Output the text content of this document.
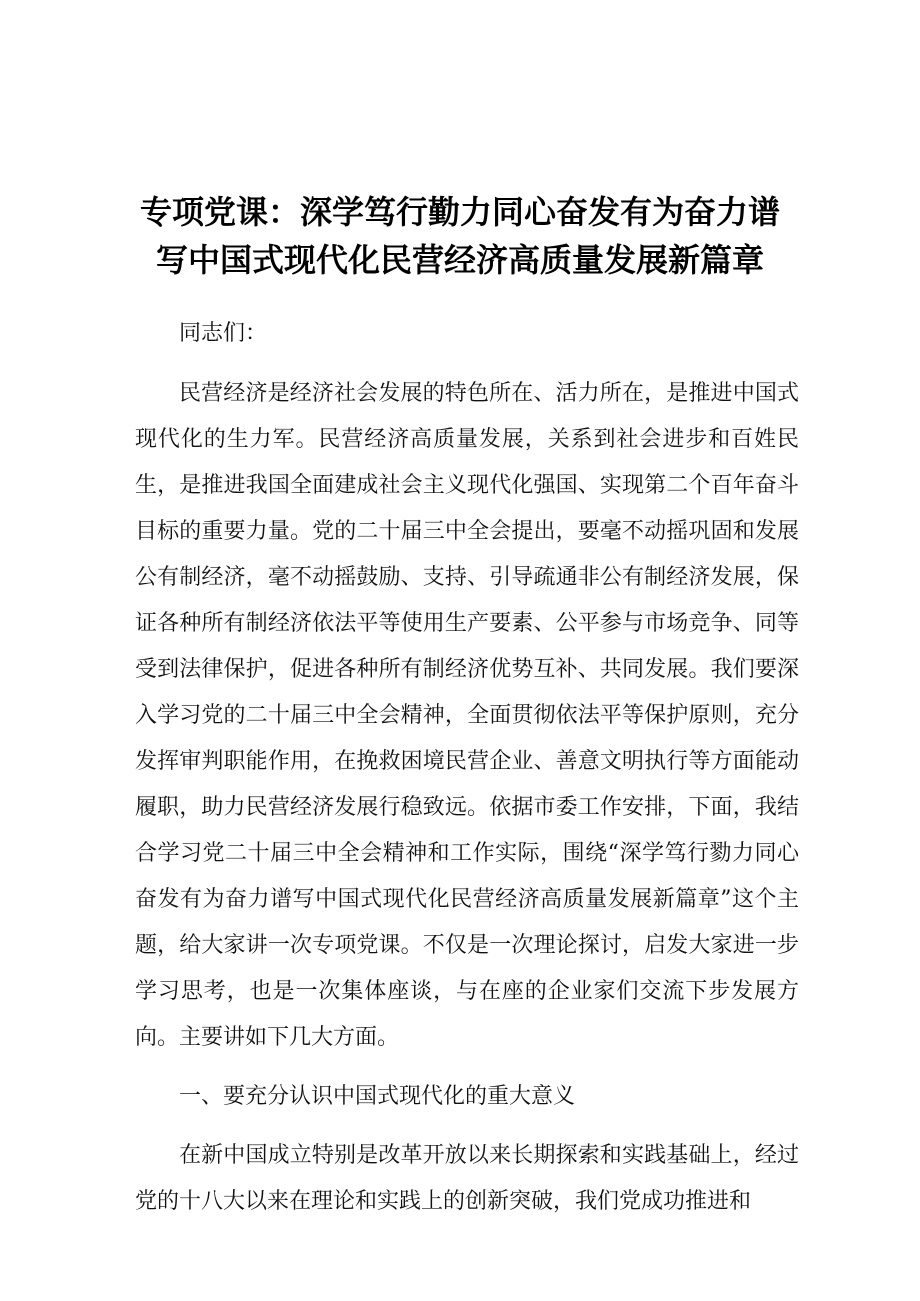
专项党课：深学笃行勤力同心奋发有为奋力谱
写中国式现代化民营经济高质量发展新篇章

同志们：

民营经济是经济社会发展的特色所在、活力所在，是推进中国式现代化的生力军。民营经济高质量发展，关系到社会进步和百姓民生，是推进我国全面建成社会主义现代化强国、实现第二个百年奋斗目标的重要力量。党的二十届三中全会提出，要毫不动摇巩固和发展公有制经济，毫不动摇鼓励、支持、引导疏通非公有制经济发展，保证各种所有制经济依法平等使用生产要素、公平参与市场竞争、同等受到法律保护，促进各种所有制经济优势互补、共同发展。我们要深入学习党的二十届三中全会精神，全面贯彻依法平等保护原则，充分发挥审判职能作用，在挽救困境民营企业、善意文明执行等方面能动履职，助力民营经济发展行稳致远。依据市委工作安排，下面，我结合学习党二十届三中全会精神和工作实际，围绕“深学笃行勠力同心奋发有为奋力谱写中国式现代化民营经济高质量发展新篇章”这个主题，给大家讲一次专项党课。不仅是一次理论探讨，启发大家进一步学习思考，也是一次集体座谈，与在座的企业家们交流下步发展方向。主要讲如下几大方面。

一、要充分认识中国式现代化的重大意义

在新中国成立特别是改革开放以来长期探索和实践基础上，经过党的十八大以来在理论和实践上的创新突破，我们党成功推进和
